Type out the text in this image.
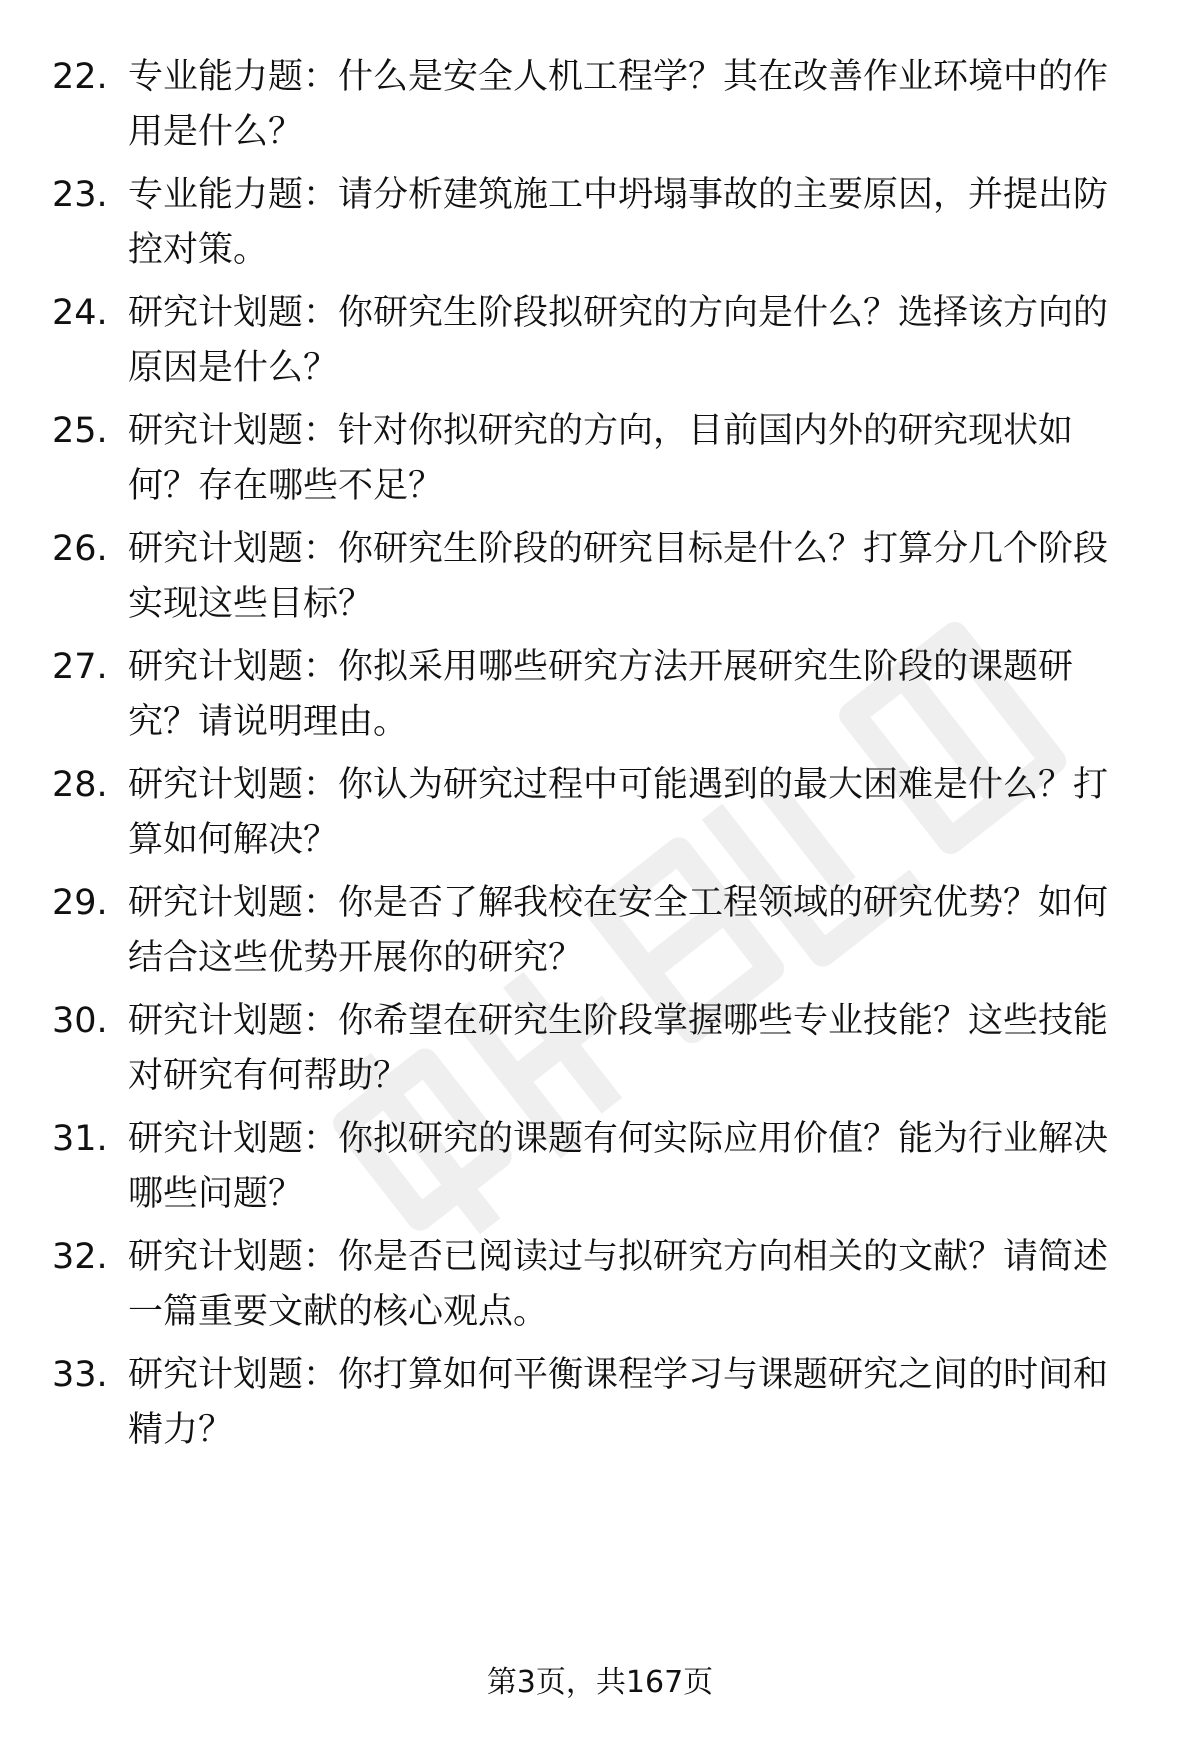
22. 专业能力题：什么是安全人机工程学？其在改善作业环境中的作
用是什么？
23. 专业能力题：请分析建筑施工中坍塌事故的主要原因，并提出防
控对策。
24. 研究计划题：你研究生阶段拟研究的方向是什么？选择该方向的
原因是什么？
25. 研究计划题：针对你拟研究的方向，目前国内外的研究现状如
何？存在哪些不足？
26. 研究计划题：你研究生阶段的研究目标是什么？打算分几个阶段
实现这些目标？
27. 研究计划题：你拟采用哪些研究方法开展研究生阶段的课题研
究？请说明理由。
28. 研究计划题：你认为研究过程中可能遇到的最大困难是什么？打
算如何解决？
29. 研究计划题：你是否了解我校在安全工程领域的研究优势？如何
结合这些优势开展你的研究？
30. 研究计划题：你希望在研究生阶段掌握哪些专业技能？这些技能
对研究有何帮助？
31. 研究计划题：你拟研究的课题有何实际应用价值？能为行业解决
哪些问题？
32. 研究计划题：你是否已阅读过与拟研究方向相关的文献？请简述
一篇重要文献的核心观点。
33. 研究计划题：你打算如何平衡课程学习与课题研究之间的时间和
精力？
第3页，共167页
